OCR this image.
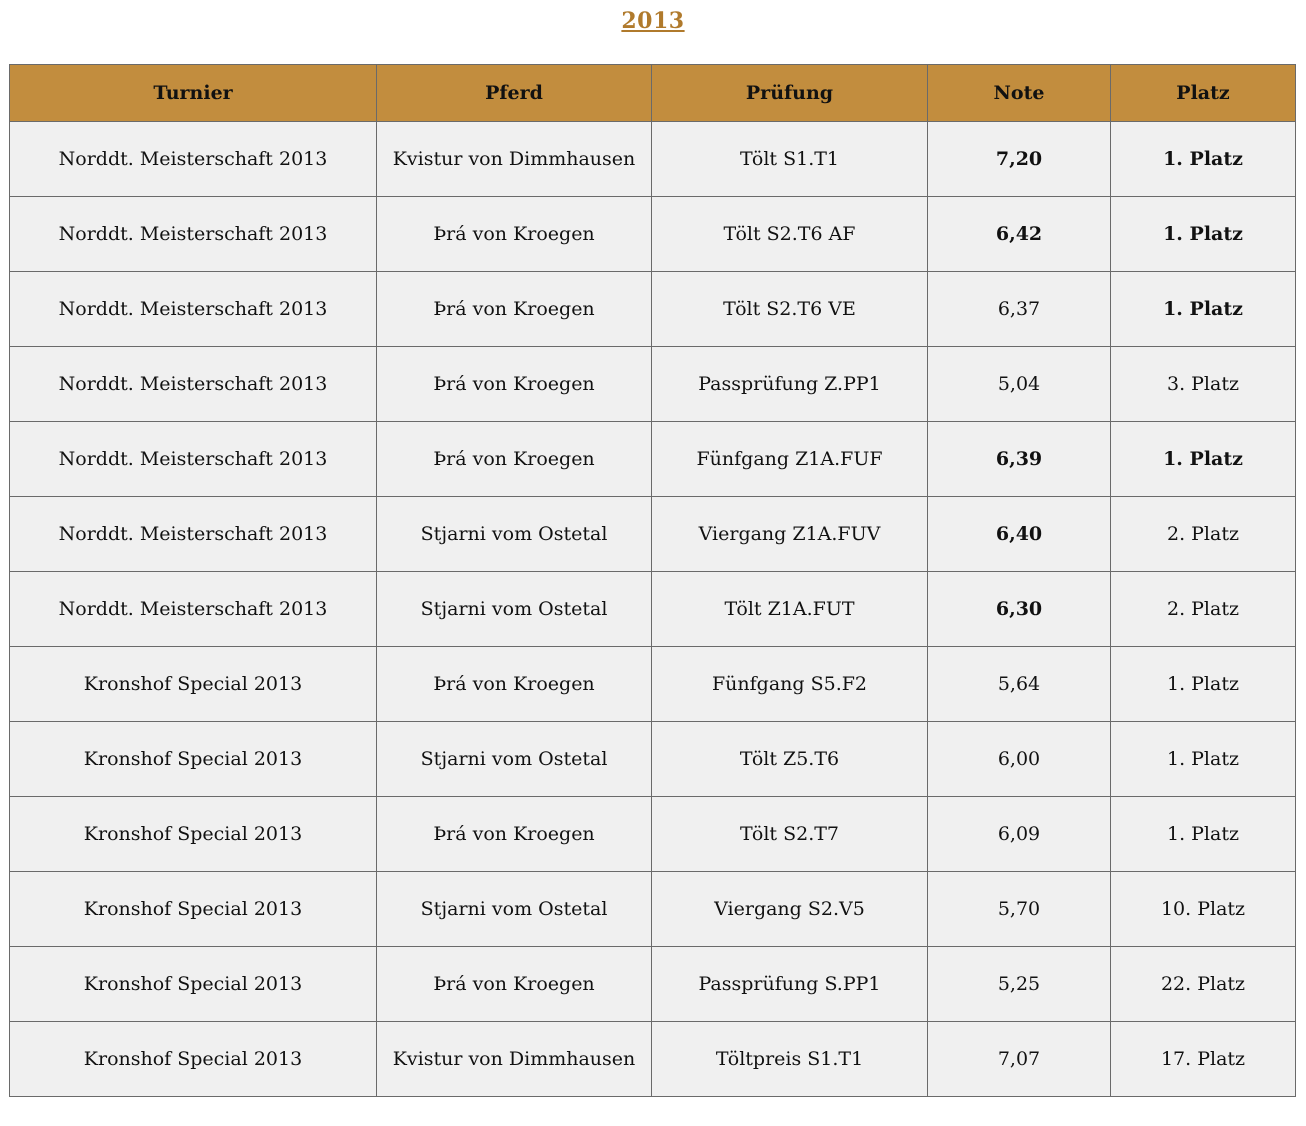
2013
Turnier	Pferd	Prüfung	Note	Platz
Norddt. Meisterschaft 2013	Kvistur von Dimmhausen	Tölt S1.T1	7,20	1. Platz
Norddt. Meisterschaft 2013	Þrá von Kroegen	Tölt S2.T6 AF	6,42	1. Platz
Norddt. Meisterschaft 2013	Þrá von Kroegen	Tölt S2.T6 VE	6,37	1. Platz
Norddt. Meisterschaft 2013	Þrá von Kroegen	Passprüfung Z.PP1	5,04	3. Platz
Norddt. Meisterschaft 2013	Þrá von Kroegen	Fünfgang Z1A.FUF	6,39	1. Platz
Norddt. Meisterschaft 2013	Stjarni vom Ostetal	Viergang Z1A.FUV	6,40	2. Platz
Norddt. Meisterschaft 2013	Stjarni vom Ostetal	Tölt Z1A.FUT	6,30	2. Platz
Kronshof Special 2013	Þrá von Kroegen	Fünfgang S5.F2	5,64	1. Platz
Kronshof Special 2013	Stjarni vom Ostetal	Tölt Z5.T6	6,00	1. Platz
Kronshof Special 2013	Þrá von Kroegen	Tölt S2.T7	6,09	1. Platz
Kronshof Special 2013	Stjarni vom Ostetal	Viergang S2.V5	5,70	10. Platz
Kronshof Special 2013	Þrá von Kroegen	Passprüfung S.PP1	5,25	22. Platz
Kronshof Special 2013	Kvistur von Dimmhausen	Töltpreis S1.T1	7,07	17. Platz
